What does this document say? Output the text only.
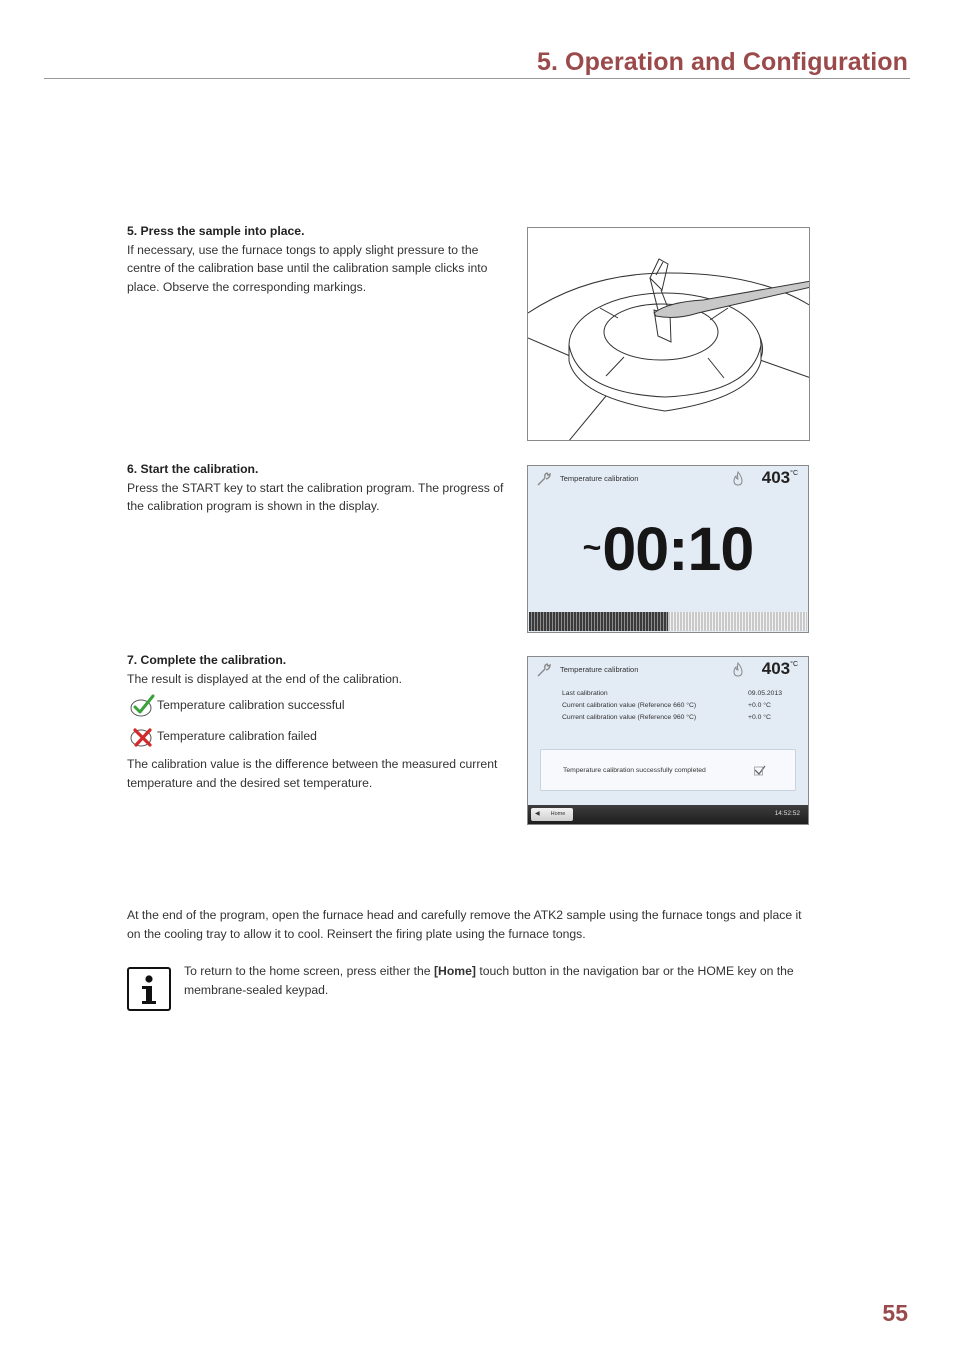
5. Operation and Configuration

5. Press the sample into place.

If necessary, use the furnace tongs to apply slight pressure to the centre of the calibration base until the calibration sample clicks into place. Observe the corresponding markings.

6. Start the calibration.

Press the START key to start the calibration program. The progress of the calibration program is shown in the display.

Temperature calibration	$403^{^\circ C}$
~00:10

7. Complete the calibration.

The result is displayed at the end of the calibration.

Temperature calibration successful
Temperature calibration failed

The calibration value is the difference between the measured current temperature and the desired set temperature.

Temperature calibration	$403^{^\circ C}$
Last calibration	09.05.2013
Current calibration value (Reference 660 °C)	+0.0 °C
Current calibration value (Reference 960 °C)	+0.0 °C
Temperature calibration successfully completed
◀ Home	14:52:52

At the end of the program, open the furnace head and carefully remove the ATK2 sample using the furnace tongs and place it on the cooling tray to allow it to cool. Reinsert the firing plate using the furnace tongs.

To return to the home screen, press either the [Home] touch button in the navigation bar or the HOME key on the membrane-sealed keypad.

55
